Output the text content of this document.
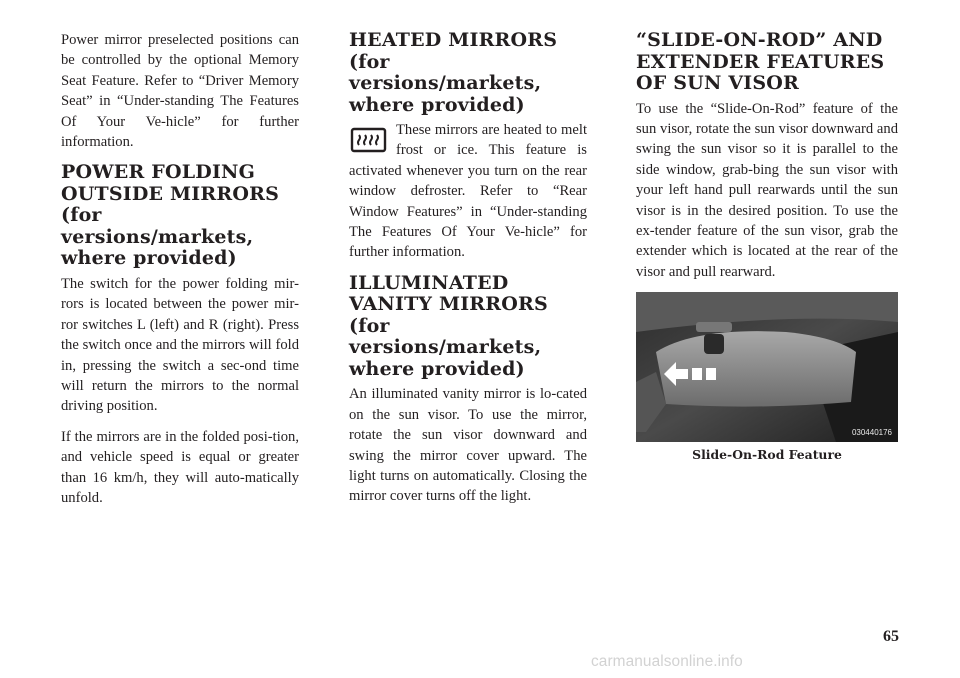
Power mirror preselected positions can be controlled by the optional Memory Seat Feature. Refer to “Driver Memory Seat” in “Under-standing The Features Of Your Ve-hicle” for further information.

POWER FOLDING OUTSIDE MIRRORS (for versions/markets, where provided)

The switch for the power folding mir-rors is located between the power mir-ror switches L (left) and R (right). Press the switch once and the mirrors will fold in, pressing the switch a sec-ond time will return the mirrors to the normal driving position.

If the mirrors are in the folded posi-tion, and vehicle speed is equal or greater than 16 km/h, they will auto-matically unfold.

HEATED MIRRORS (for versions/markets, where provided)

These mirrors are heated to melt frost or ice. This feature is activated whenever you turn on the rear window defroster. Refer to “Rear Window Features” in “Under-standing The Features Of Your Ve-hicle” for further information.

ILLUMINATED VANITY MIRRORS (for versions/markets, where provided)

An illuminated vanity mirror is lo-cated on the sun visor. To use the mirror, rotate the sun visor downward and swing the mirror cover upward. The light turns on automatically. Closing the mirror cover turns off the light.

“SLIDE-ON-ROD” AND EXTENDER FEATURES OF SUN VISOR

To use the “Slide-On-Rod” feature of the sun visor, rotate the sun visor downward and swing the sun visor so it is parallel to the side window, grab-bing the sun visor with your left hand pull rearwards until the sun visor is in the desired position. To use the ex-tender feature of the sun visor, grab the extender which is located at the rear of the visor and pull rearward.

030440176
Slide-On-Rod Feature
65
carmanualsonline.info
